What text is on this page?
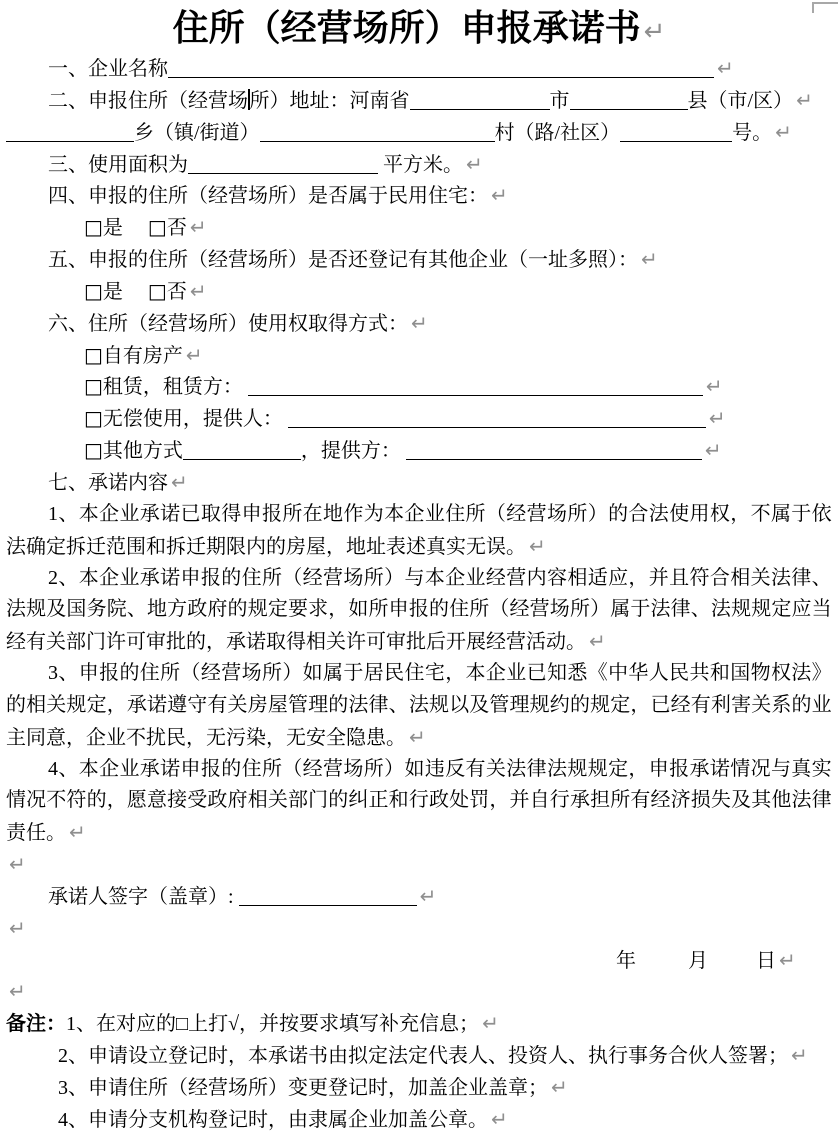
住所（经营场所）申报承诺书 ↵
一、企业名称	↵
二、申报住所（经营场所）地址：河南省	市	县（市/区） ↵
乡（镇/街道）	村（路/社区）	号。 ↵
三、使用面积为	平方米。 ↵
四、申报的住所（经营场所）是否属于民用住宅： ↵
□是　 □否 ↵
五、申报的住所（经营场所）是否还登记有其他企业（一址多照）： ↵
□是　 □否 ↵
六、住所（经营场所）使用权取得方式： ↵
□自有房产 ↵
□租赁，租赁方：	↵
□无偿使用，提供人：	↵
□其他方式	，提供方：	↵
七、承诺内容 ↵
1 、 本 企 业 承 诺 已 取 得 申 报 所 在 地 作 为 本 企 业 住 所 （ 经 营 场 所 ） 的 合 法 使 用 权 ， 不 属 于 依
法确定拆迁范围和拆迁期限内的房屋，地址表述真实无误。 ↵
2 、 本 企 业 承 诺 申 报 的 住 所 （ 经 营 场 所 ） 与 本 企 业 经 营 内 容 相 适 应 ， 并 且 符 合 相 关 法 律 、
法 规 及 国 务 院 、 地 方 政 府 的 规 定 要 求 ， 如 所 申 报 的 住 所 （ 经 营 场 所 ） 属 于 法 律 、 法 规 规 定 应 当
经有关部门许可审批的，承诺取得相关许可审批后开展经营活动。 ↵
3 、 申 报 的 住 所 （ 经 营 场 所 ） 如 属 于 居 民 住 宅 ， 本 企 业 已 知 悉 《 中 华 人 民 共 和 国 物 权 法 》
的 相 关 规 定 ， 承 诺 遵 守 有 关 房 屋 管 理 的 法 律 、 法 规 以 及 管 理 规 约 的 规 定 ， 已 经 有 利 害 关 系 的 业
主同意，企业不扰民，无污染，无安全隐患。 ↵
4 、 本 企 业 承 诺 申 报 的 住 所 （ 经 营 场 所 ） 如 违 反 有 关 法 律 法 规 规 定 ， 申 报 承 诺 情 况 与 真 实
情 况 不 符 的 ， 愿 意 接 受 政 府 相 关 部 门 的 纠 正 和 行 政 处 罚 ， 并 自 行 承 担 所 有 经 济 损 失 及 其 他 法 律
责任。 ↵
↵
承诺人签字（盖章）:	↵
↵
年	月 日 ↵
↵
备注：1、在对应的□上打√，并按要求填写补充信息； ↵
2、申请设立登记时，本承诺书由拟定法定代表人、投资人、执行事务合伙人签署； ↵
3、申请住所（经营场所）变更登记时，加盖企业盖章； ↵
4、申请分支机构登记时，由隶属企业加盖公章。 ↵
